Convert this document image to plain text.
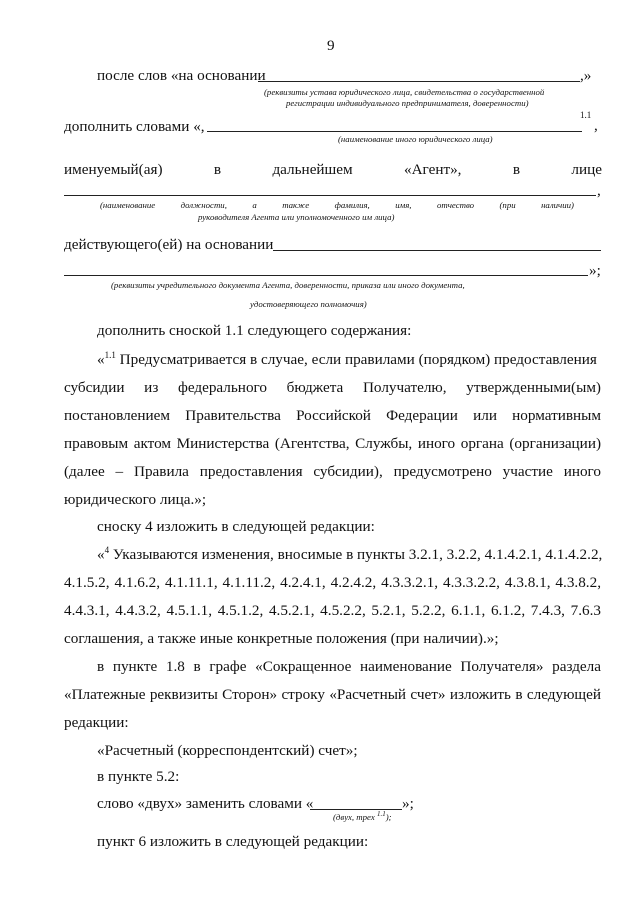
9
после слов «на основании	,»
(реквизиты устава юридического лица, свидетельства о государственной
регистрации индивидуального предпринимателя, доверенности)
дополнить словами «,
1.1
,
(наименование иного юридического лица)
именуемый(ая)	в	дальнейшем	«Агент»,	в	лице
,
(наименование	должности,	а	также	фамилия,	имя,	отчество	(при	наличии)
руководителя Агента или уполномоченного им лица)
действующего(ей) на основании
»;
(реквизиты учредительного документа Агента, доверенности, приказа или иного документа,
удостоверяющего полномочия)
дополнить сноской 1.1 следующего содержания:
«$^{1.1}$ Предусматривается в случае, если правилами (порядком) предоставления
субсидии из федерального бюджета Получателю, утвержденными(ым)
постановлением Правительства Российской Федерации или нормативным
правовым актом Министерства (Агентства, Службы, иного органа (организации)
(далее – Правила предоставления субсидии), предусмотрено участие иного
юридического лица.»;
сноску 4 изложить в следующей редакции:
«$^4$ Указываются изменения, вносимые в пункты 3.2.1, 3.2.2, 4.1.4.2.1, 4.1.4.2.2,
4.1.5.2, 4.1.6.2, 4.1.11.1, 4.1.11.2, 4.2.4.1, 4.2.4.2, 4.3.3.2.1, 4.3.3.2.2, 4.3.8.1, 4.3.8.2,
4.4.3.1, 4.4.3.2, 4.5.1.1, 4.5.1.2, 4.5.2.1, 4.5.2.2, 5.2.1, 5.2.2, 6.1.1, 6.1.2, 7.4.3, 7.6.3
соглашения, а также иные конкретные положения (при наличии).»;
в пункте 1.8 в графе «Сокращенное наименование Получателя» раздела
«Платежные реквизиты Сторон» строку «Расчетный счет» изложить в следующей
редакции:
«Расчетный (корреспондентский) счет»;
в пункте 5.2:
слово «двух» заменить словами «	»;
(двух, трех $^{1.1}$);
пункт 6 изложить в следующей редакции:
